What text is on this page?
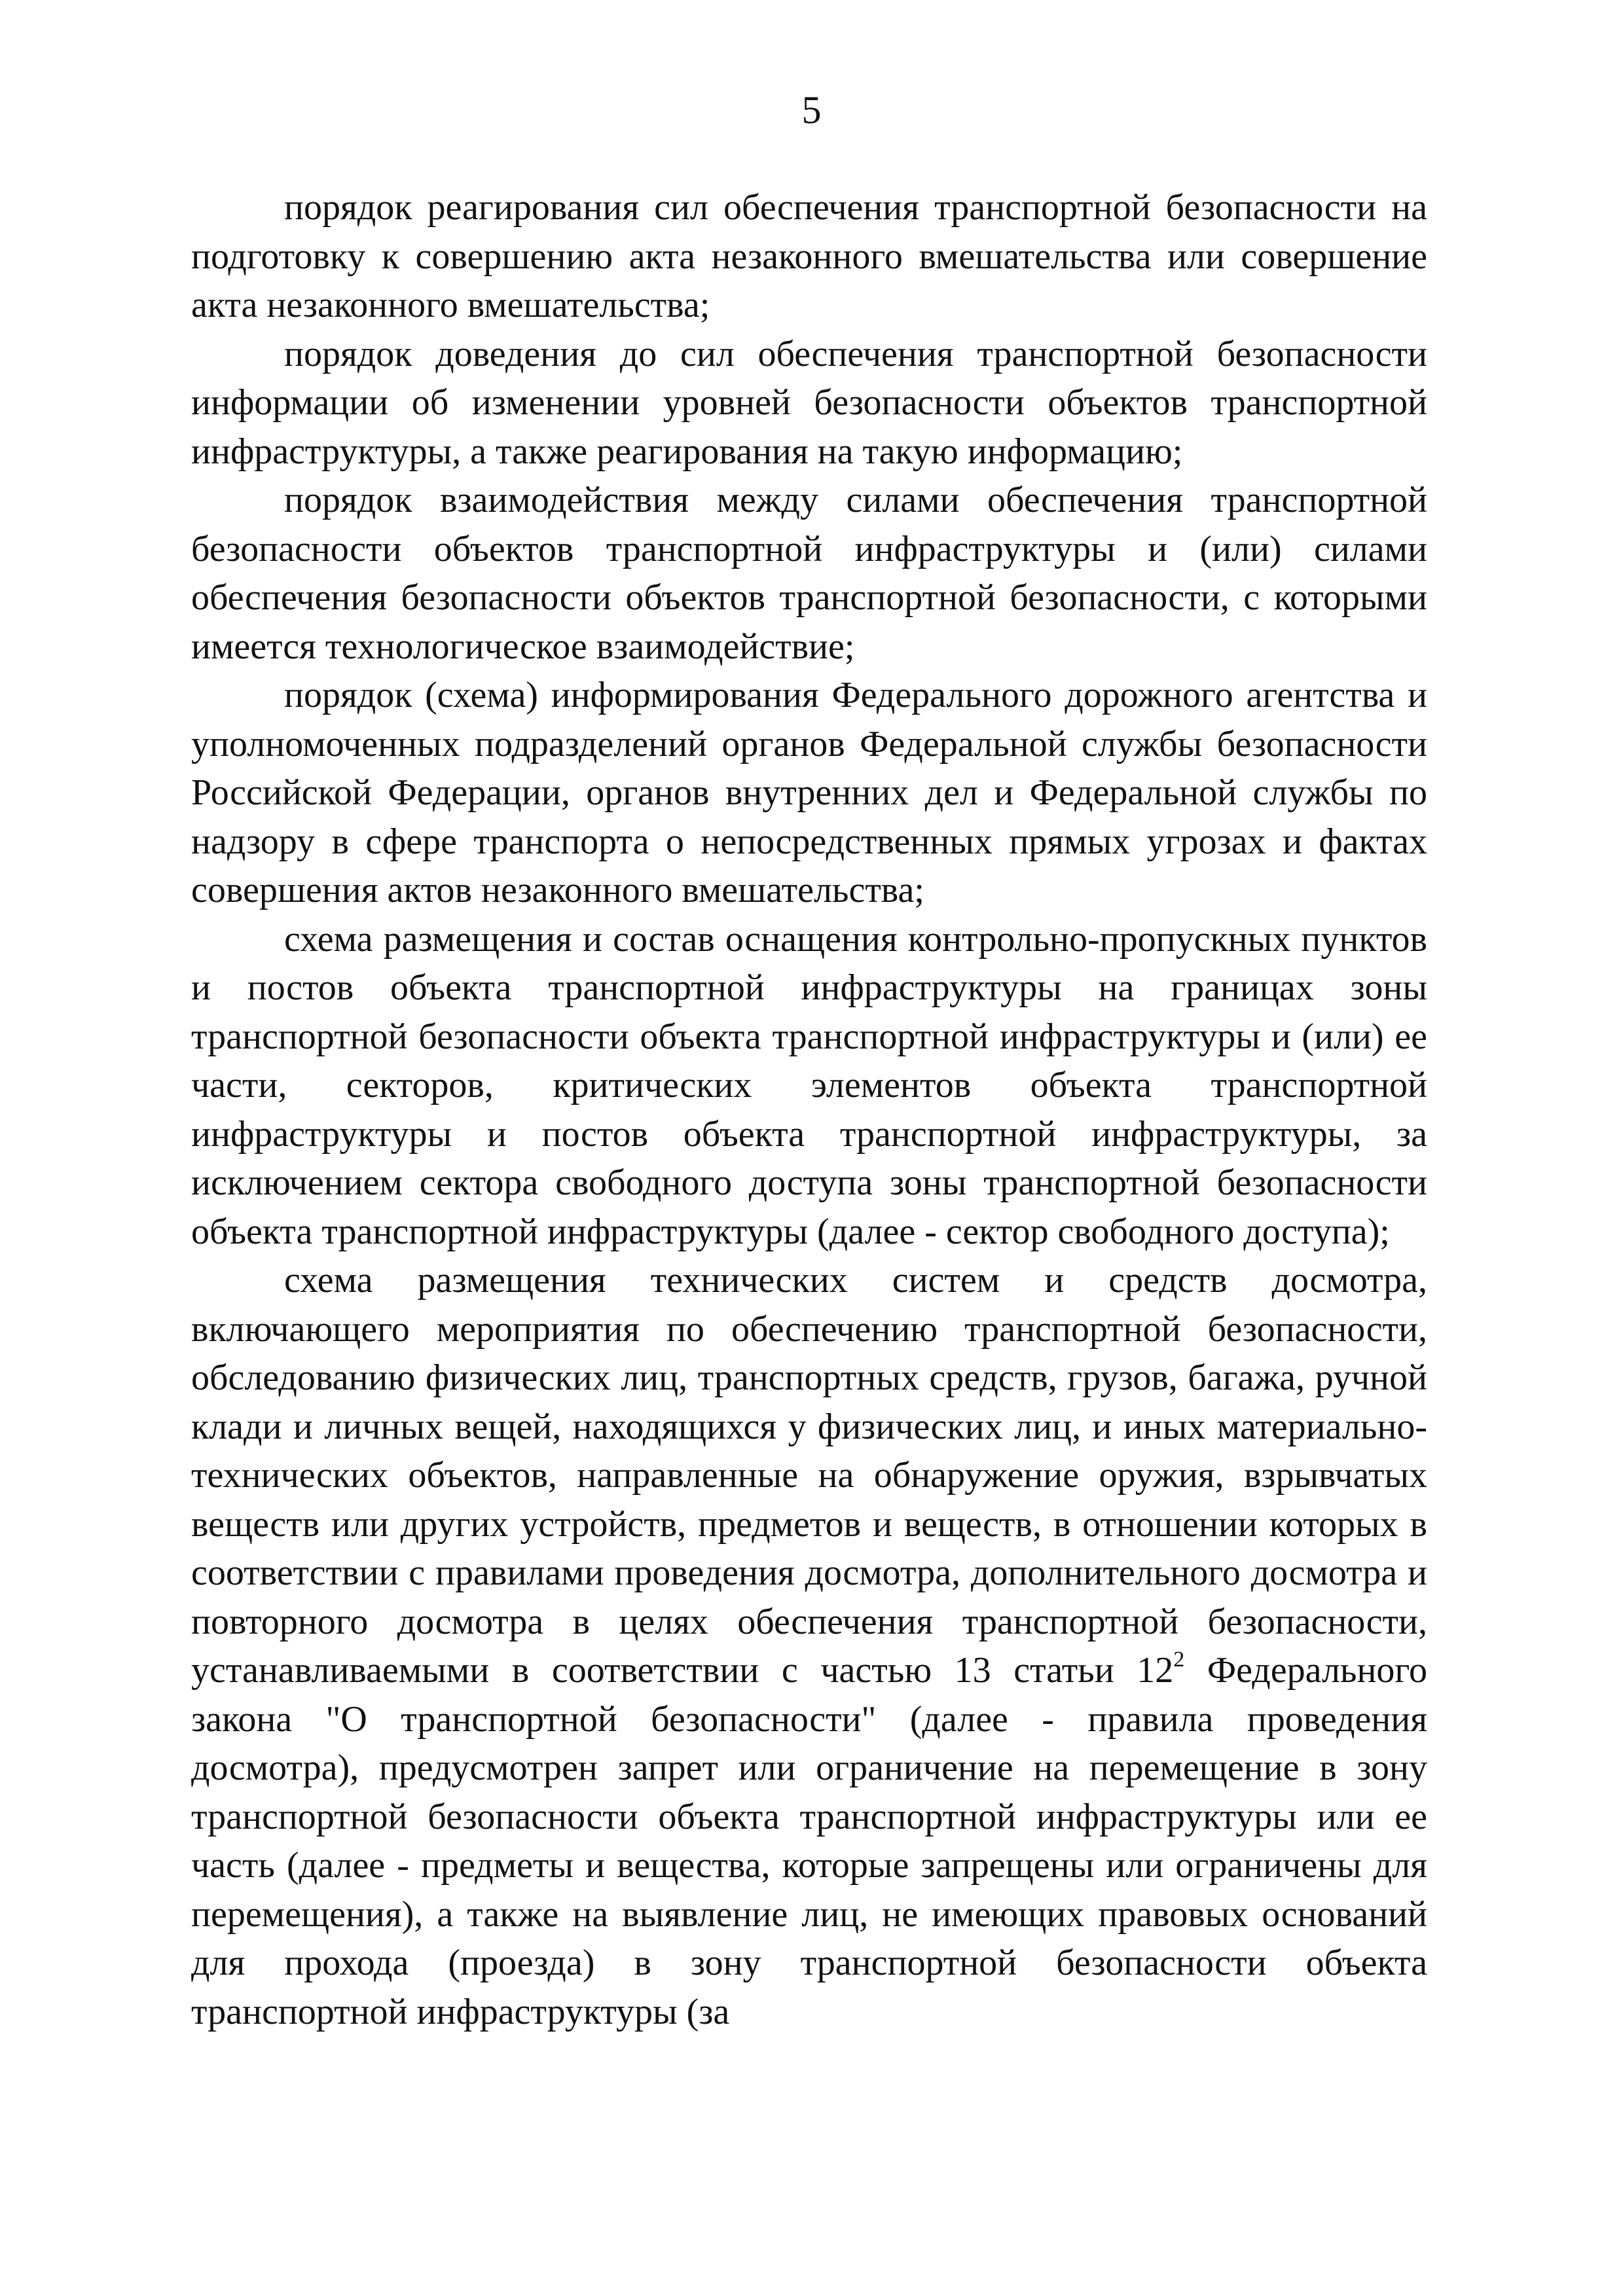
5

порядок реагирования сил обеспечения транспортной безопасности на подготовку к совершению акта незаконного вмешательства или совершение акта незаконного вмешательства;

порядок доведения до сил обеспечения транспортной безопасности информации об изменении уровней безопасности объектов транспортной инфраструктуры, а также реагирования на такую информацию;

порядок взаимодействия между силами обеспечения транспортной безопасности объектов транспортной инфраструктуры и (или) силами обеспечения безопасности объектов транспортной безопасности, с которыми имеется технологическое взаимодействие;

порядок (схема) информирования Федерального дорожного агентства и уполномоченных подразделений органов Федеральной службы безопасности Российской Федерации, органов внутренних дел и Федеральной службы по надзору в сфере транспорта о непосредственных прямых угрозах и фактах совершения актов незаконного вмешательства;

схема размещения и состав оснащения контрольно-пропускных пунктов и постов объекта транспортной инфраструктуры на границах зоны транспортной безопасности объекта транспортной инфраструктуры и (или) ее части, секторов, критических элементов объекта транспортной инфраструктуры и постов объекта транспортной инфраструктуры, за исключением сектора свободного доступа зоны транспортной безопасности объекта транспортной инфраструктуры (далее - сектор свободного доступа);

схема размещения технических систем и средств досмотра, включающего мероприятия по обеспечению транспортной безопасности, обследованию физических лиц, транспортных средств, грузов, багажа, ручной клади и личных вещей, находящихся у физических лиц, и иных материально-технических объектов, направленные на обнаружение оружия, взрывчатых веществ или других устройств, предметов и веществ, в отношении которых в соответствии с правилами проведения досмотра, дополнительного досмотра и повторного досмотра в целях обеспечения транспортной безопасности, устанавливаемыми в соответствии с частью 13 статьи $12^2$ Федерального закона "О транспортной безопасности" (далее - правила проведения досмотра), предусмотрен запрет или ограничение на перемещение в зону транспортной безопасности объекта транспортной инфраструктуры или ее часть (далее - предметы и вещества, которые запрещены или ограничены для перемещения), а также на выявление лиц, не имеющих правовых оснований для прохода (проезда) в зону транспортной безопасности объекта транспортной инфраструктуры (за
